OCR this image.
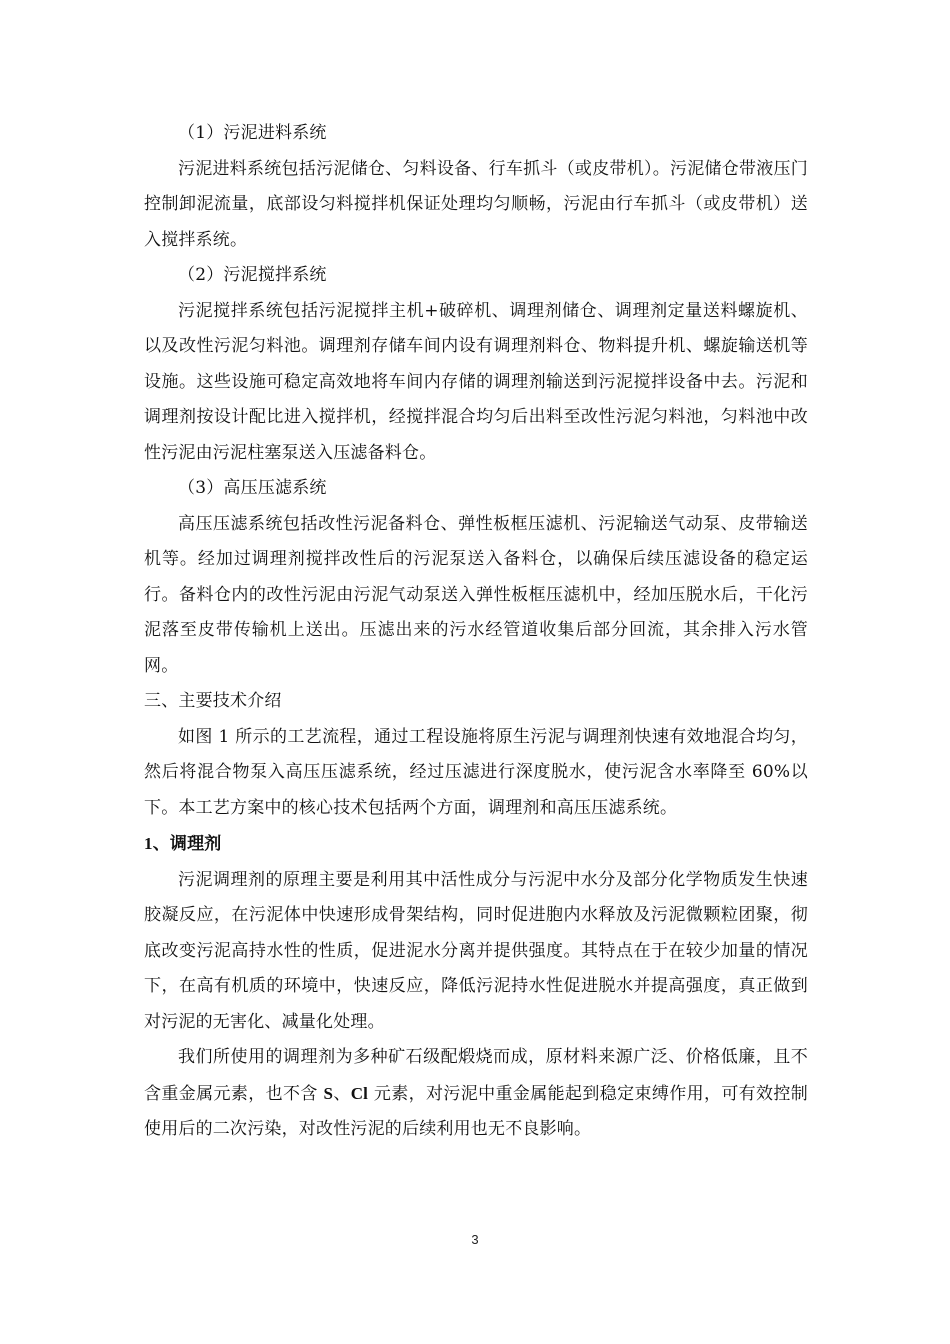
（1）污泥进料系统

污泥进料系统包括污泥储仓、匀料设备、行车抓斗（或皮带机）。污泥储仓带液压门控制卸泥流量，底部设匀料搅拌机保证处理均匀顺畅，污泥由行车抓斗（或皮带机）送入搅拌系统。

（2）污泥搅拌系统

污泥搅拌系统包括污泥搅拌主机+破碎机、调理剂储仓、调理剂定量送料螺旋机、以及改性污泥匀料池。调理剂存储车间内设有调理剂料仓、物料提升机、螺旋输送机等设施。这些设施可稳定高效地将车间内存储的调理剂输送到污泥搅拌设备中去。污泥和调理剂按设计配比进入搅拌机，经搅拌混合均匀后出料至改性污泥匀料池，匀料池中改性污泥由污泥柱塞泵送入压滤备料仓。

（3）高压压滤系统

高压压滤系统包括改性污泥备料仓、弹性板框压滤机、污泥输送气动泵、皮带输送机等。经加过调理剂搅拌改性后的污泥泵送入备料仓，以确保后续压滤设备的稳定运行。备料仓内的改性污泥由污泥气动泵送入弹性板框压滤机中，经加压脱水后，干化污泥落至皮带传输机上送出。压滤出来的污水经管道收集后部分回流，其余排入污水管网。

三、主要技术介绍

如图 1 所示的工艺流程，通过工程设施将原生污泥与调理剂快速有效地混合均匀，然后将混合物泵入高压压滤系统，经过压滤进行深度脱水，使污泥含水率降至 60%以下。本工艺方案中的核心技术包括两个方面，调理剂和高压压滤系统。

1、调理剂

污泥调理剂的原理主要是利用其中活性成分与污泥中水分及部分化学物质发生快速胶凝反应，在污泥体中快速形成骨架结构，同时促进胞内水释放及污泥微颗粒团聚，彻底改变污泥高持水性的性质，促进泥水分离并提供强度。其特点在于在较少加量的情况下，在高有机质的环境中，快速反应，降低污泥持水性促进脱水并提高强度，真正做到对污泥的无害化、减量化处理。

我们所使用的调理剂为多种矿石级配煅烧而成，原材料来源广泛、价格低廉，且不含重金属元素，也不含 S、Cl 元素，对污泥中重金属能起到稳定束缚作用，可有效控制使用后的二次污染，对改性污泥的后续利用也无不良影响。

3
